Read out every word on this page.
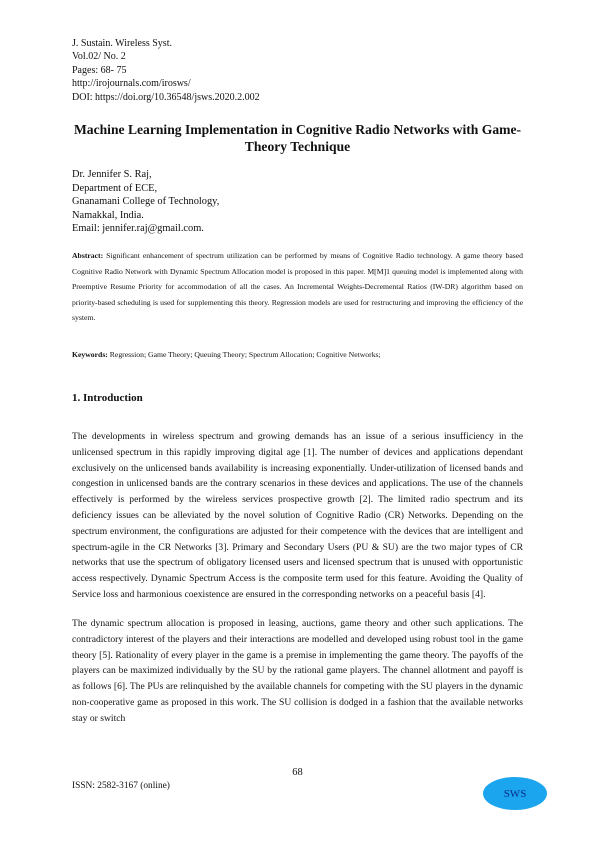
J. Sustain. Wireless Syst.
Vol.02/ No. 2
Pages: 68- 75
http://irojournals.com/irosws/
DOI: https://doi.org/10.36548/jsws.2020.2.002
Machine Learning Implementation in Cognitive Radio Networks with Game-Theory Technique
Dr. Jennifer S. Raj,
Department of ECE,
Gnanamani College of Technology,
Namakkal, India.
Email: jennifer.raj@gmail.com.
Abstract: Significant enhancement of spectrum utilization can be performed by means of Cognitive Radio technology. A game theory based Cognitive Radio Network with Dynamic Spectrum Allocation model is proposed in this paper. M[M]1 queuing model is implemented along with Preemptive Resume Priority for accommodation of all the cases. An Incremental Weights-Decremental Ratios (IW-DR) algorithm based on priority-based scheduling is used for supplementing this theory. Regression models are used for restructuring and improving the efficiency of the system.
Keywords: Regression; Game Theory; Queuing Theory; Spectrum Allocation; Cognitive Networks;
1. Introduction
The developments in wireless spectrum and growing demands has an issue of a serious insufficiency in the unlicensed spectrum in this rapidly improving digital age [1]. The number of devices and applications dependant exclusively on the unlicensed bands availability is increasing exponentially. Under-utilization of licensed bands and congestion in unlicensed bands are the contrary scenarios in these devices and applications. The use of the channels effectively is performed by the wireless services prospective growth [2]. The limited radio spectrum and its deficiency issues can be alleviated by the novel solution of Cognitive Radio (CR) Networks. Depending on the spectrum environment, the configurations are adjusted for their competence with the devices that are intelligent and spectrum-agile in the CR Networks [3]. Primary and Secondary Users (PU & SU) are the two major types of CR networks that use the spectrum of obligatory licensed users and licensed spectrum that is unused with opportunistic access respectively. Dynamic Spectrum Access is the composite term used for this feature. Avoiding the Quality of Service loss and harmonious coexistence are ensured in the corresponding networks on a peaceful basis [4].
The dynamic spectrum allocation is proposed in leasing, auctions, game theory and other such applications. The contradictory interest of the players and their interactions are modelled and developed using robust tool in the game theory [5]. Rationality of every player in the game is a premise in implementing the game theory. The payoffs of the players can be maximized individually by the SU by the rational game players. The channel allotment and payoff is as follows [6]. The PUs are relinquished by the available channels for competing with the SU players in the dynamic non-cooperative game as proposed in this work. The SU collision is dodged in a fashion that the available networks stay or switch
68
ISSN: 2582-3167 (online)
SWS
